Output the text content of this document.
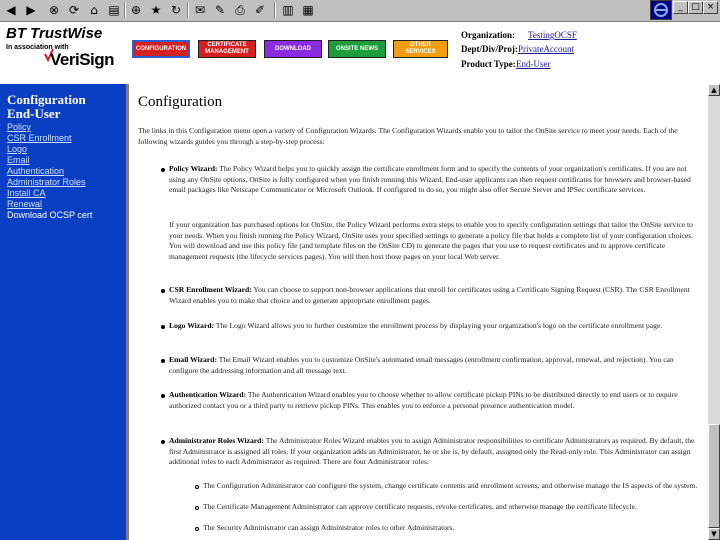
◀ ▶ ⊗ ⟳ ⌂ ▤ ⊕ ★ ↻ ✉ ✎ ⎙ ✐ ▥ ▦	_ □ ×
BT TrustWise
In association with
VeriSign
CONFIGURATION
CERTIFICATE MANAGEMENT
DOWNLOAD	ONSITE NEWS
OTHER SERVICES
Organization: TestingOCSF
Dept/Div/Proj: PrivateAccount
Product Type: End-User
Configuration
End-User
Policy
CSR Enrollment
Logo
Email
Authentication
Administrator Roles
Install CA
Renewal
Download OCSP cert
Configuration
The links in this Configuration menu open a variety of Configuration Wizards. The Configuration Wizards enable you to tailor the OnSite service to meet your needs. Each of the following wizards guides you through a step-by-step process:
Policy Wizard: The Policy Wizard helps you to quickly assign the certificate enrollment form and to specify the contents of your organization's certificates. If you are not using any OnSite options, OnSite is fully configured when you finish running this Wizard. End-user applicants can then request certificates for browsers and browser-based email packages like Netscape Communicator or Microsoft Outlook. If configured to do so, you might also offer Secure Server and IPSec certificate services.
If your organization has purchased options for OnSite, the Policy Wizard performs extra steps to enable you to specify configuration settings that tailor the OnSite service to your needs. When you finish running the Policy Wizard, OnSite uses your specified settings to generate a policy file that holds a complete list of your configuration choices. You will download and use this policy file (and template files on the OnSite CD) to generate the pages that you use to request certificates and to approve certificate management requests (the lifecycle services pages). You will then host those pages on your local Web server.
CSR Enrollment Wizard: You can choose to support non-browser applications that enroll for certificates using a Certificate Signing Request (CSR). The CSR Enrollment Wizard enables you to make that choice and to generate appropriate enrollment pages.
Logo Wizard: The Logo Wizard allows you to further customize the enrollment process by displaying your organization's logo on the certificate enrollment page.
Email Wizard: The Email Wizard enables you to customize OnSite's automated email messages (enrollment confirmation, approval, renewal, and rejection). You can configure the addressing information and all message text.
Authentication Wizard: The Authentication Wizard enables you to choose whether to allow certificate pickup PINs to be distributed directly to end users or to require authorized contact you or a third party to retrieve pickup PINs. This enables you to enforce a personal presence authentication model.
Administrator Roles Wizard: The Administrator Roles Wizard enables you to assign Administrator responsibilities to certificate Administrators as required. By default, the first Administrator is assigned all roles. If your organization adds an Administrator, he or she is, by default, assigned only the Read-only role. This Administrator can assign additional roles to each Administrator as required. There are four Administrator roles:
The Configuration Administrator can configure the system, change certificate contents and enrollment screens, and otherwise manage the IS aspects of the system.
The Certificate Management Administrator can approve certificate requests, revoke certificates, and otherwise manage the certificate lifecycle.
The Security Administrator can assign Administrator roles to other Administrators.
▲
▼
